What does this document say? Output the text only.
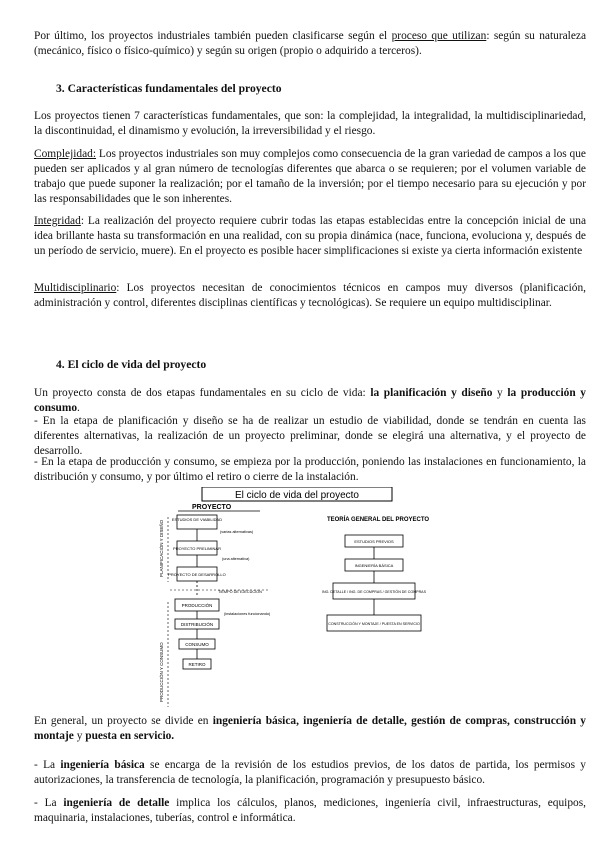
Por último, los proyectos industriales también pueden clasificarse según el proceso que utilizan: según su naturaleza (mecánico, físico o físico-químico) y según su origen (propio o adquirido a terceros).

3. Características fundamentales del proyecto

Los proyectos tienen 7 características fundamentales, que son: la complejidad, la integralidad, la multidisciplinariedad, la discontinuidad, el dinamismo y evolución, la irreversibilidad y el riesgo.

Complejidad: Los proyectos industriales son muy complejos como consecuencia de la gran variedad de campos a los que pueden ser aplicados y al gran número de tecnologías diferentes que abarca o se requieren; por el volumen variable de trabajo que puede suponer la realización; por el tamaño de la inversión; por el tiempo necesario para su ejecución y por las responsabilidades que le son inherentes.

Integridad: La realización del proyecto requiere cubrir todas las etapas establecidas entre la concepción inicial de una idea brillante hasta su transformación en una realidad, con su propia dinámica (nace, funciona, evoluciona y, después de un período de servicio, muere). En el proyecto es posible hacer simplificaciones si existe ya cierta información existente

Multidisciplinario: Los proyectos necesitan de conocimientos técnicos en campos muy diversos (planificación, administración y control, diferentes disciplinas científicas y tecnológicas). Se requiere un equipo multidisciplinar.

4. El ciclo de vida del proyecto

Un proyecto consta de dos etapas fundamentales en su ciclo de vida: la planificación y diseño y la producción y consumo.

- En la etapa de planificación y diseño se ha de realizar un estudio de viabilidad, donde se tendrán en cuenta las diferentes alternativas, la realización de un proyecto preliminar, donde se elegirá una alternativa, y el proyecto de desarrollo.

- En la etapa de producción y consumo, se empieza por la producción, poniendo las instalaciones en funcionamiento, la distribución y consumo, y por último el retiro o cierre de la instalación.

El ciclo de vida del proyecto
PROYECTO
PLANIFICACIÓN Y DISEÑO
PRODUCCIÓN Y CONSUMO
ESTUDIOS DE VIABILIDAD
(varias alternativas)
PROYECTO PRELIMINAR
(una alternativa)
PROYECTO DE DESARROLLO
TIEMPO DE EJECUCIÓN
PRODUCCIÓN
(instalaciones funcionando)
DISTRIBUCIÓN
CONSUMO
RETIRO
TEORÍA GENERAL DEL PROYECTO
ESTUDIOS PREVIOS
INGENIERÍA BÁSICA
ING. DETALLE / ING. DE COMPRAS / GESTIÓN DE COMPRAS
CONSTRUCCIÓN Y MONTAJE / PUESTA EN SERVICIO

En general, un proyecto se divide en ingeniería básica, ingeniería de detalle, gestión de compras, construcción y montaje y puesta en servicio.

- La ingeniería básica se encarga de la revisión de los estudios previos, de los datos de partida, los permisos y autorizaciones, la transferencia de tecnología, la planificación, programación y presupuesto básico.

- La ingeniería de detalle implica los cálculos, planos, mediciones, ingeniería civil, infraestructuras, equipos, maquinaria, instalaciones, tuberías, control e informática.
